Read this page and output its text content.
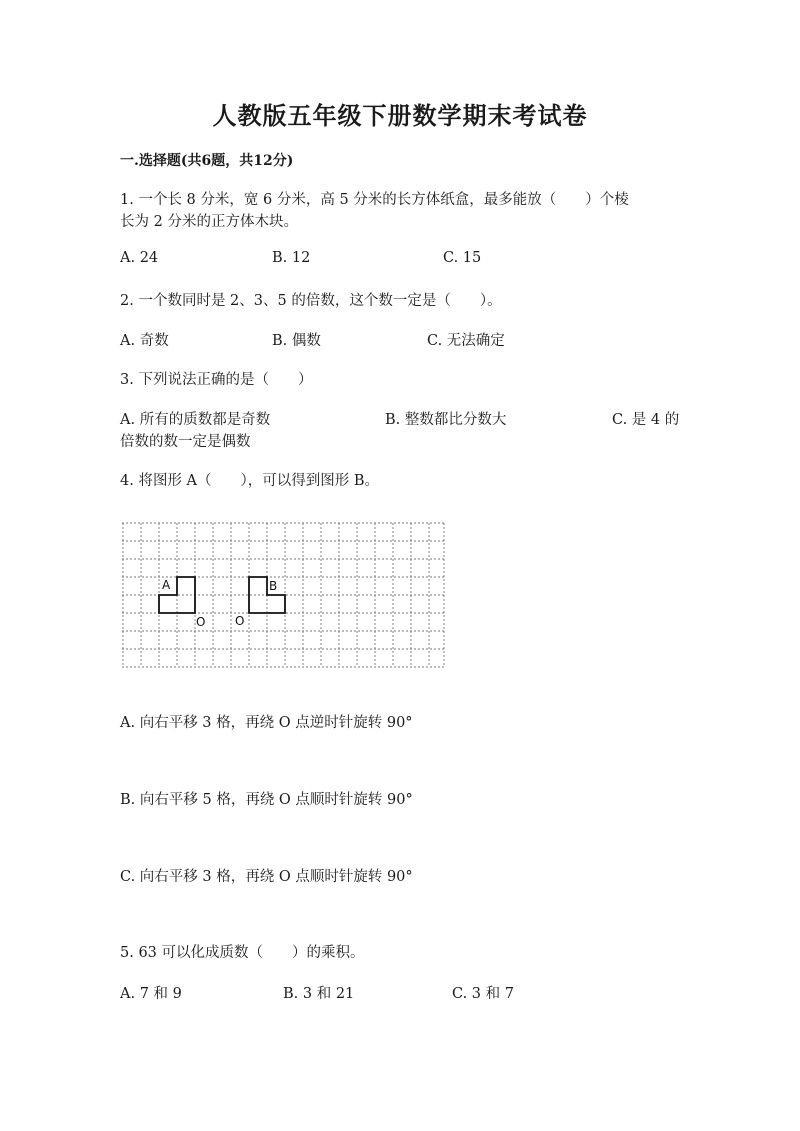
人教版五年级下册数学期末考试卷
一.选择题(共6题，共12分)
1. 一个长 8 分米，宽 6 分米，高 5 分米的长方体纸盒，最多能放（　　）个棱
长为 2 分米的正方体木块。
A. 24	B. 12	C. 15
2. 一个数同时是 2、3、5 的倍数，这个数一定是（　　）。
A. 奇数	B. 偶数	C. 无法确定
3. 下列说法正确的是（　　）
A. 所有的质数都是奇数	B. 整数都比分数大	C. 是 4 的
倍数的数一定是偶数
4. 将图形 A（　　），可以得到图形 B。
A	B
O O
A. 向右平移 3 格，再绕 O 点逆时针旋转 90°
B. 向右平移 5 格，再绕 O 点顺时针旋转 90°
C. 向右平移 3 格，再绕 O 点顺时针旋转 90°
5. 63 可以化成质数（　　）的乘积。
A. 7 和 9	B. 3 和 21	C. 3 和 7
